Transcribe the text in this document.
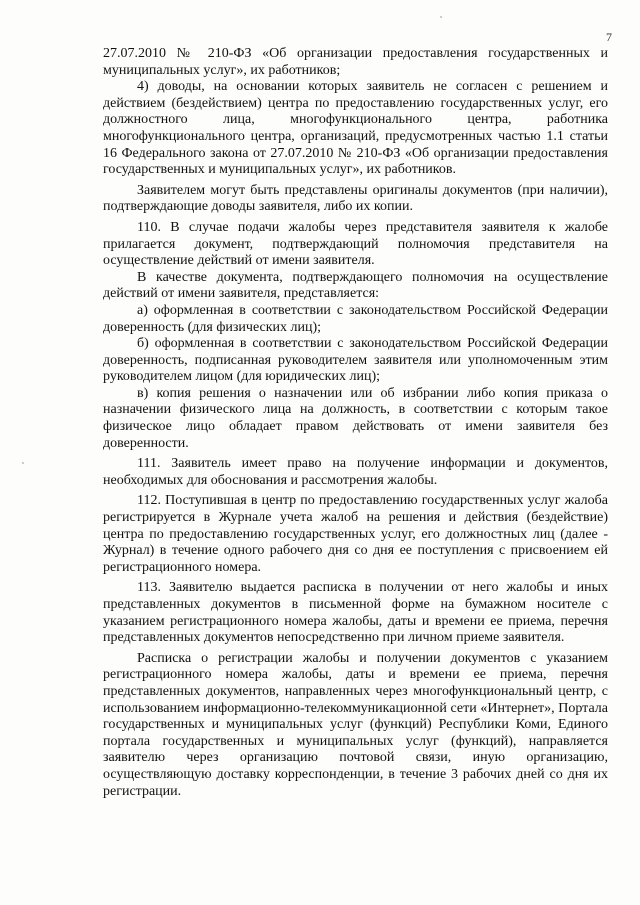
7

27.07.2010 № 210-ФЗ «Об организации предоставления государственных и муниципальных услуг», их работников;

4) доводы, на основании которых заявитель не согласен с решением и действием (бездействием) центра по предоставлению государственных услуг, его должностного лица, многофункционального центра, работника многофункционального центра, организаций, предусмотренных частью 1.1 статьи 16 Федерального закона от 27.07.2010 № 210-ФЗ «Об организации предоставления государственных и муниципальных услуг», их работников.

Заявителем могут быть представлены оригиналы документов (при наличии), подтверждающие доводы заявителя, либо их копии.

110. В случае подачи жалобы через представителя заявителя к жалобе прилагается документ, подтверждающий полномочия представителя на осуществление действий от имени заявителя.

В качестве документа, подтверждающего полномочия на осуществление действий от имени заявителя, представляется:

а) оформленная в соответствии с законодательством Российской Федерации доверенность (для физических лиц);

б) оформленная в соответствии с законодательством Российской Федерации доверенность, подписанная руководителем заявителя или уполномоченным этим руководителем лицом (для юридических лиц);

в) копия решения о назначении или об избрании либо копия приказа о назначении физического лица на должность, в соответствии с которым такое физическое лицо обладает правом действовать от имени заявителя без доверенности.

111. Заявитель имеет право на получение информации и документов, необходимых для обоснования и рассмотрения жалобы.

112. Поступившая в центр по предоставлению государственных услуг жалоба регистрируется в Журнале учета жалоб на решения и действия (бездействие) центра по предоставлению государственных услуг, его должностных лиц (далее - Журнал) в течение одного рабочего дня со дня ее поступления с присвоением ей регистрационного номера.

113. Заявителю выдается расписка в получении от него жалобы и иных представленных документов в письменной форме на бумажном носителе с указанием регистрационного номера жалобы, даты и времени ее приема, перечня представленных документов непосредственно при личном приеме заявителя.

Расписка о регистрации жалобы и получении документов с указанием регистрационного номера жалобы, даты и времени ее приема, перечня представленных документов, направленных через многофункциональный центр, с использованием информационно-телекоммуникационной сети «Интернет», Портала государственных и муниципальных услуг (функций) Республики Коми, Единого портала государственных и муниципальных услуг (функций), направляется заявителю через организацию почтовой связи, иную организацию, осуществляющую доставку корреспонденции, в течение 3 рабочих дней со дня их регистрации.
